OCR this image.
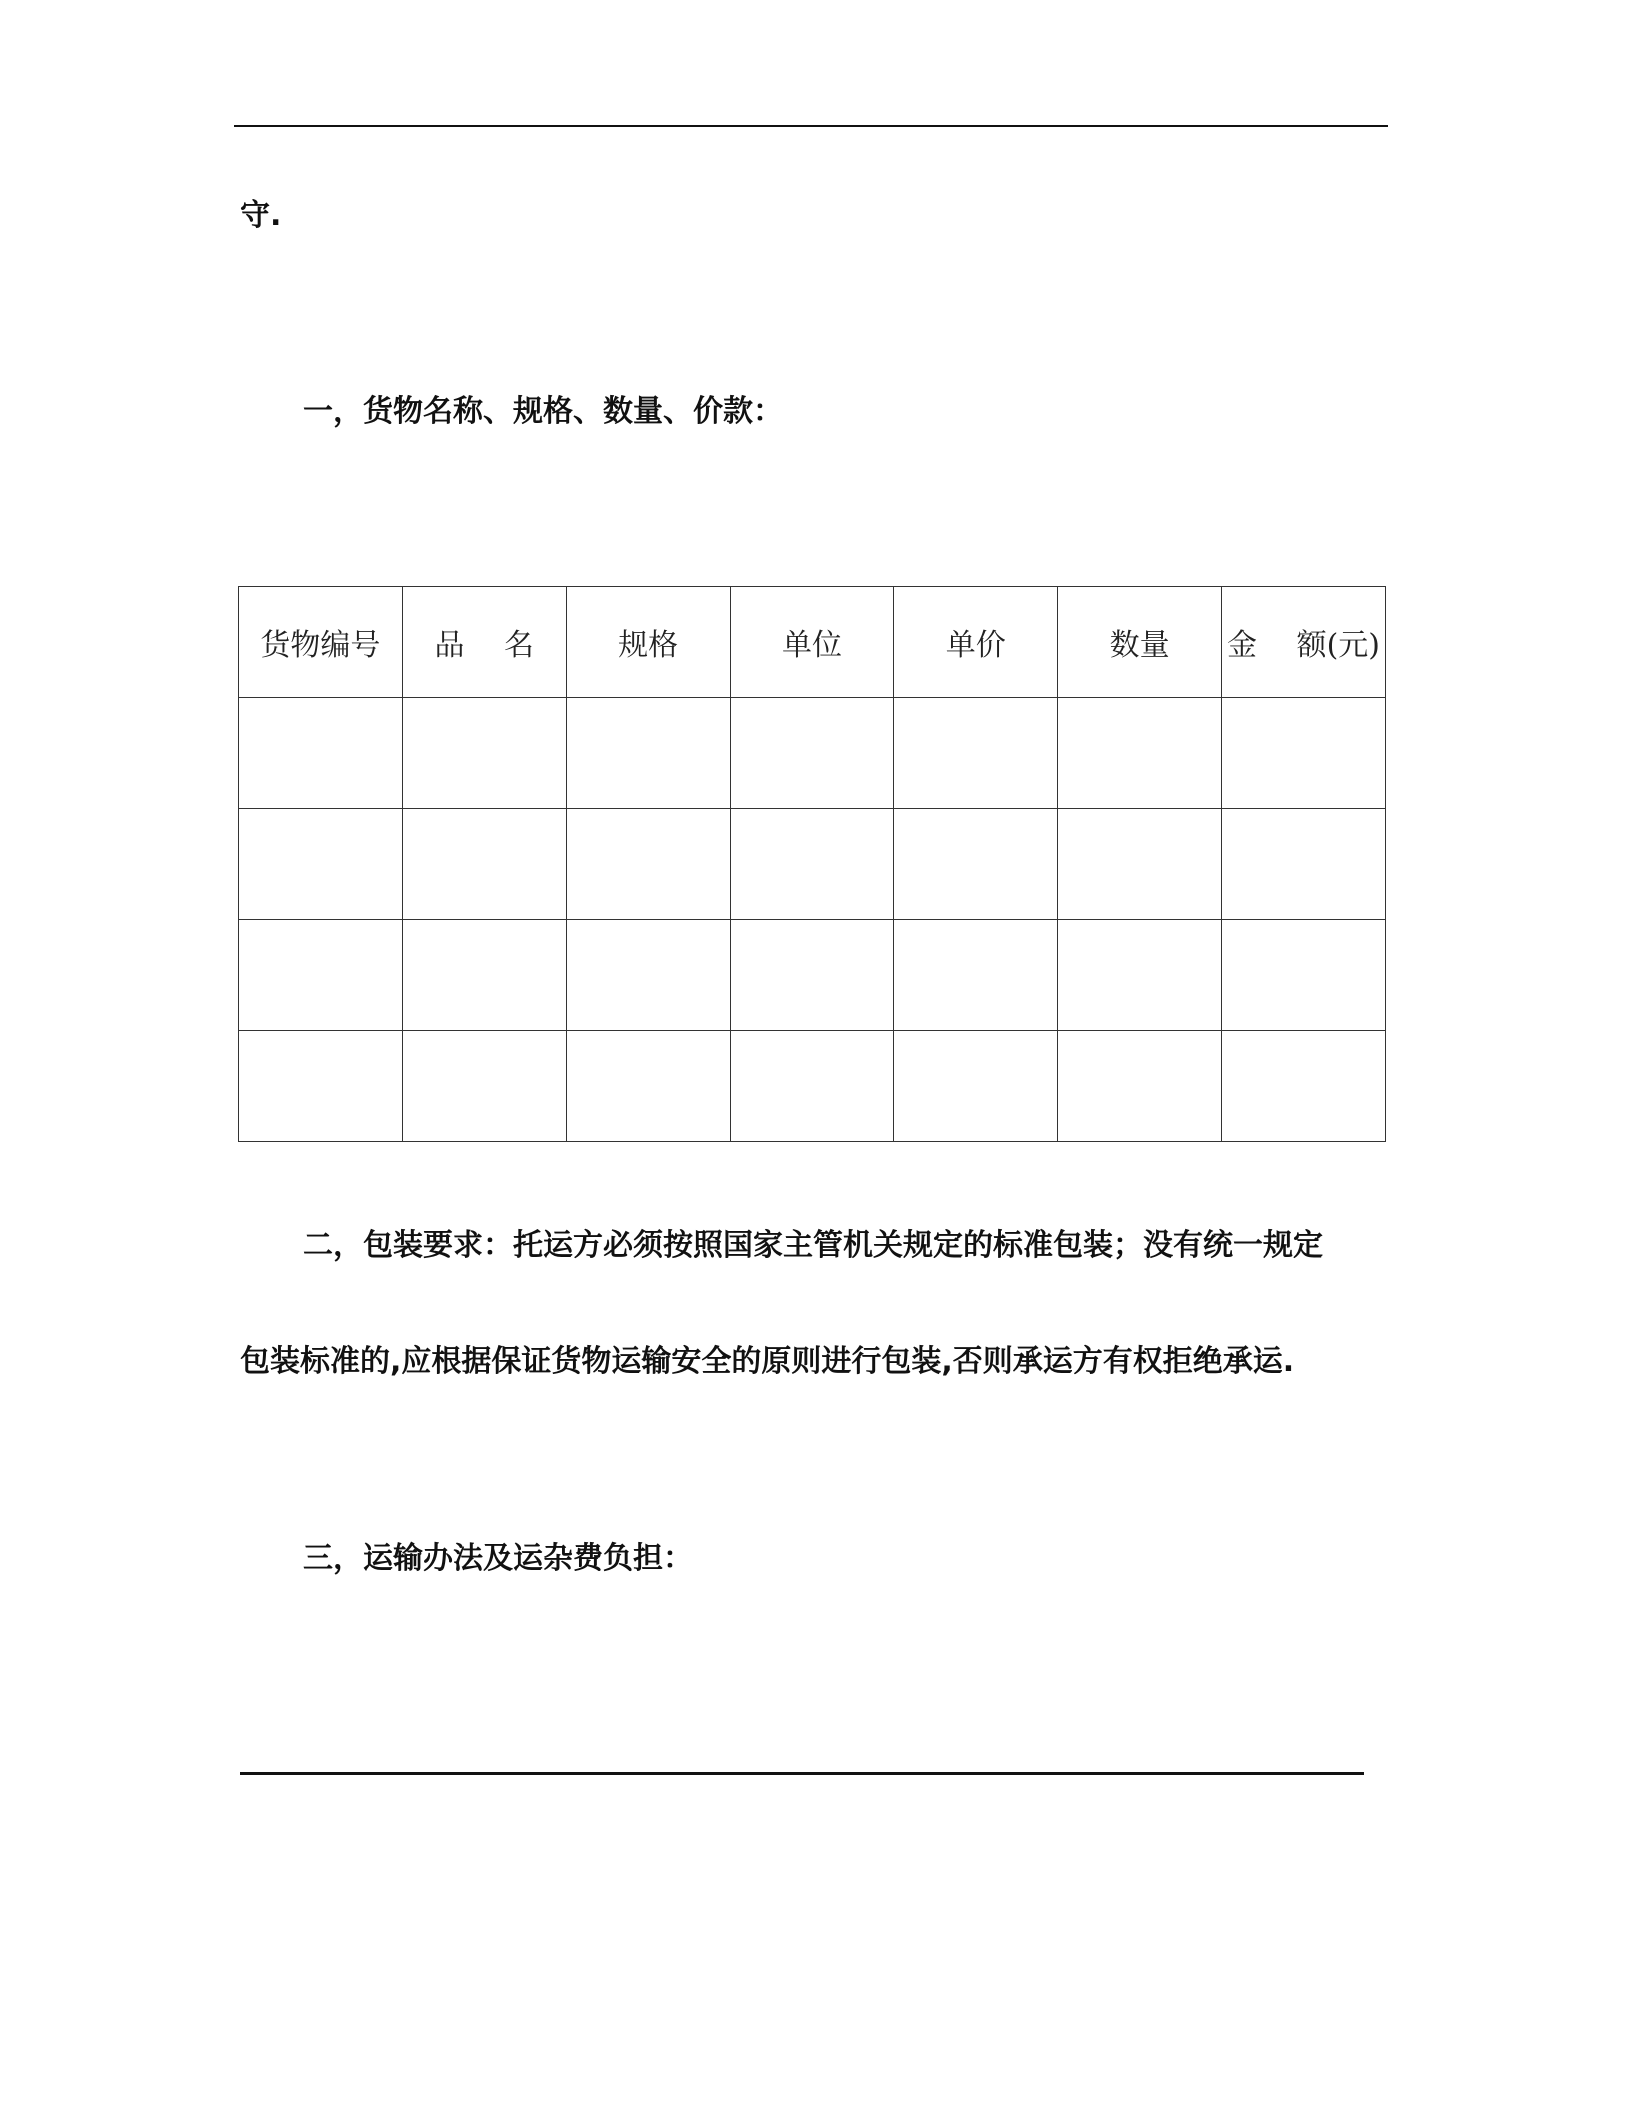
守.
一，货物名称、规格、数量、价款：
货物编号	品　 名	规格	单位	单价	数量	金　 额(元)

二，包装要求：托运方必须按照国家主管机关规定的标准包装；没有统一规定
包装标准的,应根据保证货物运输安全的原则进行包装,否则承运方有权拒绝承运.
三，运输办法及运杂费负担：
